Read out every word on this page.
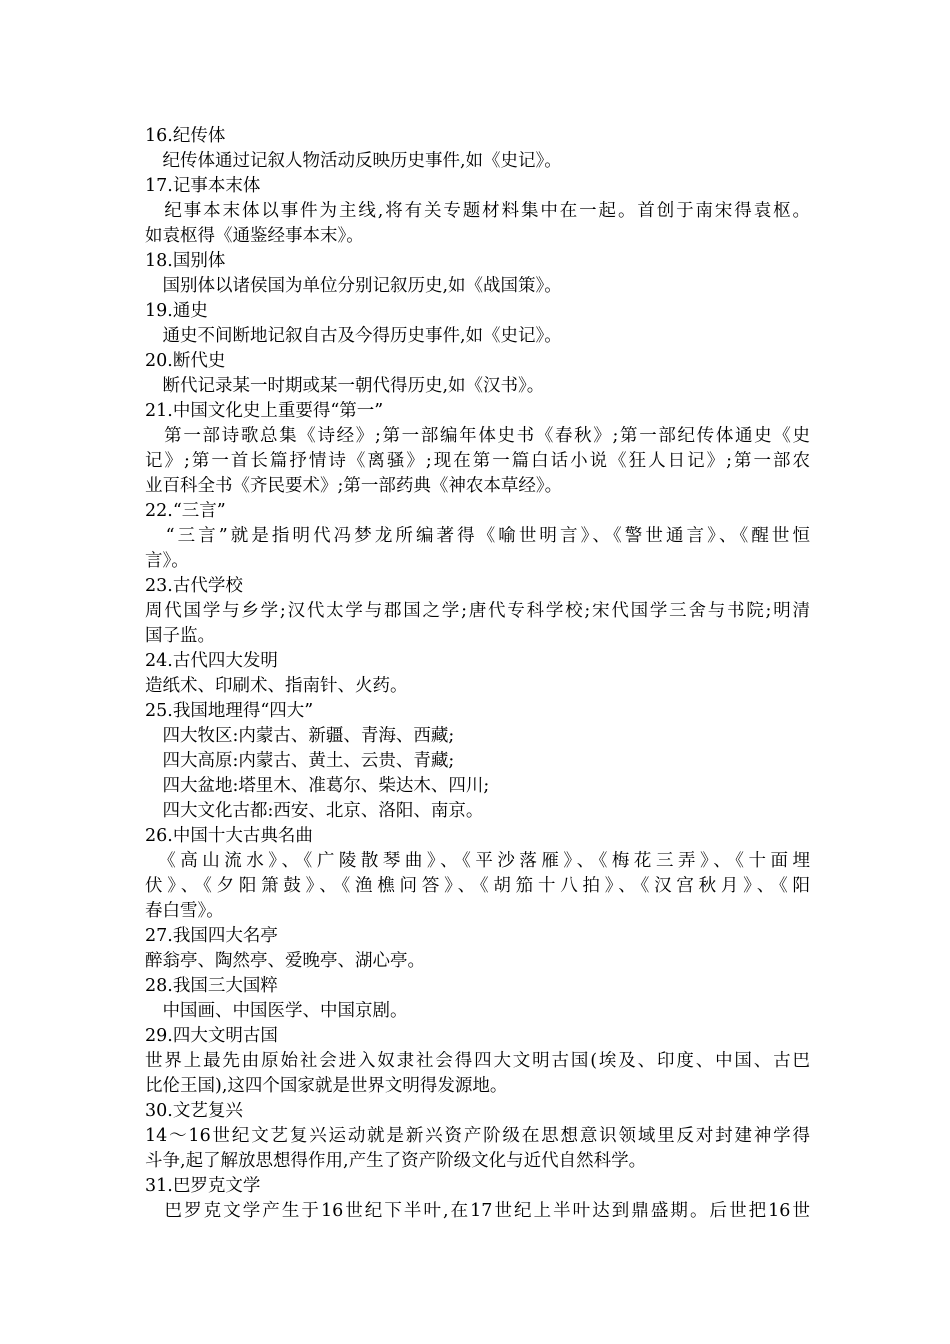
16.纪传体
　纪传体通过记叙人物活动反映历史事件,如《史记》。
17.记事本末体
　纪事本末体以事件为主线,将有关专题材料集中在一起。首创于南宋得袁枢。
如袁枢得《通鉴经事本末》。
18.国别体
　国别体以诸侯国为单位分别记叙历史,如《战国策》。
19.通史
　通史不间断地记叙自古及今得历史事件,如《史记》。
20.断代史
　断代记录某一时期或某一朝代得历史,如《汉书》。
21.中国文化史上重要得“第一”
　第一部诗歌总集《诗经》;第一部编年体史书《春秋》;第一部纪传体通史《史
记》;第一首长篇抒情诗《离骚》;现在第一篇白话小说《狂人日记》;第一部农
业百科全书《齐民要术》;第一部药典《神农本草经》。
22.“三言”
　“三言”就是指明代冯梦龙所编著得《喻世明言》、《警世通言》、《醒世恒
言》。
23.古代学校
周代国学与乡学;汉代太学与郡国之学;唐代专科学校;宋代国学三舍与书院;明清
国子监。
24.古代四大发明
造纸术、印刷术、指南针、火药。
25.我国地理得“四大”
　四大牧区:内蒙古、新疆、青海、西藏;
　四大高原:内蒙古、黄土、云贵、青藏;
　四大盆地:塔里木、准葛尔、柴达木、四川;
　四大文化古都:西安、北京、洛阳、南京。
26.中国十大古典名曲
　《高山流水》、《广陵散琴曲》、《平沙落雁》、《梅花三弄》、《十面埋
伏》、《夕阳箫鼓》、《渔樵问答》、《胡笳十八拍》、《汉宫秋月》、《阳
春白雪》。
27.我国四大名亭
醉翁亭、陶然亭、爱晚亭、湖心亭。
28.我国三大国粹
　中国画、中国医学、中国京剧。
29.四大文明古国
世界上最先由原始社会进入奴隶社会得四大文明古国(埃及、印度、中国、古巴
比伦王国),这四个国家就是世界文明得发源地。
30.文艺复兴
14～16世纪文艺复兴运动就是新兴资产阶级在思想意识领域里反对封建神学得
斗争,起了解放思想得作用,产生了资产阶级文化与近代自然科学。
31.巴罗克文学
　巴罗克文学产生于16世纪下半叶,在17世纪上半叶达到鼎盛期。后世把16世
